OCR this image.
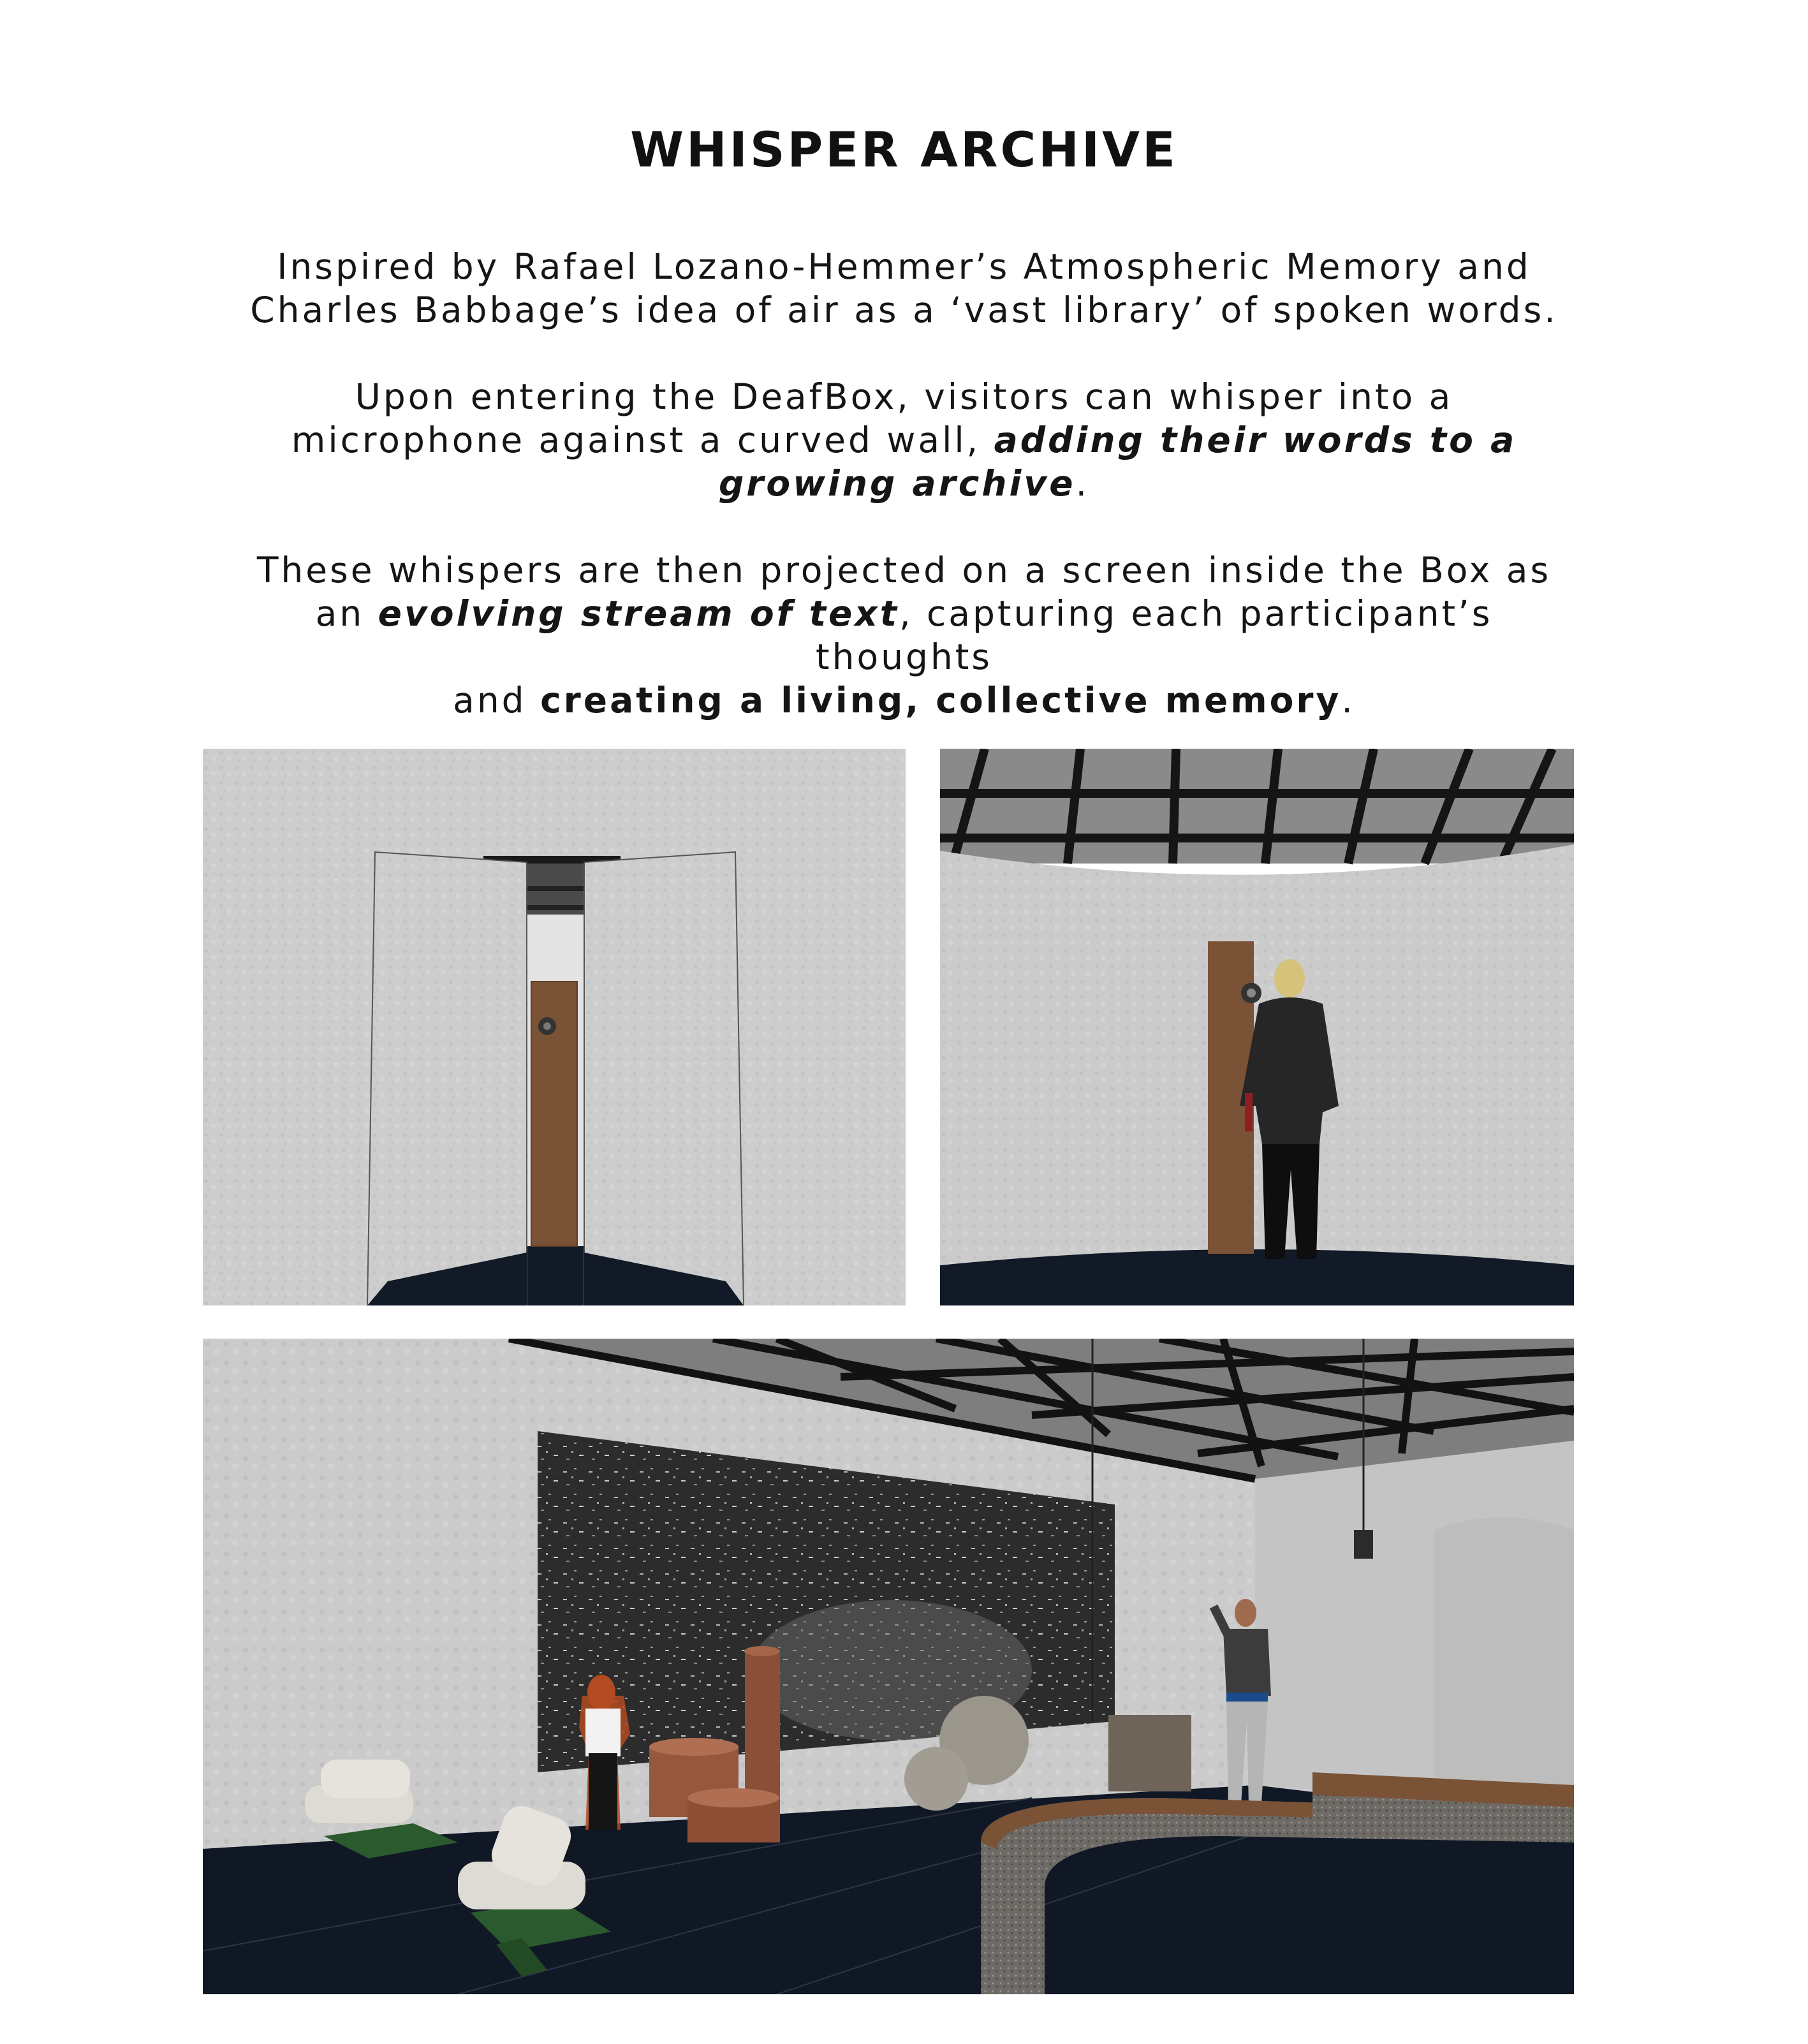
WHISPER ARCHIVE

Inspired by Rafael Lozano-Hemmer’s Atmospheric Memory and
Charles Babbage’s idea of air as a ‘vast library’ of spoken words.

Upon entering the DeafBox, visitors can whisper into a
microphone against a curved wall, adding their words to a
growing archive.

These whispers are then projected on a screen inside the Box as
an evolving stream of text, capturing each participant’s thoughts
and creating a living, collective memory.
